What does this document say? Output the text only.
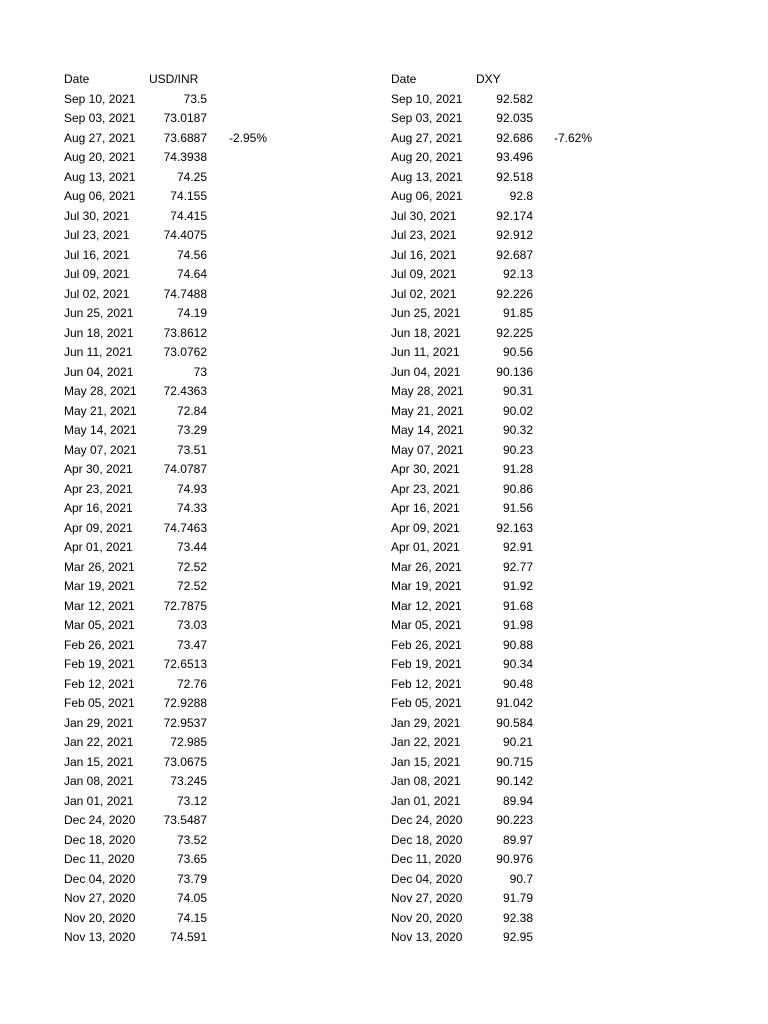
Date	USD/INR
Sep 10, 2021	73.5
Sep 03, 2021	73.0187
Aug 27, 2021	73.6887 -2.95%
Aug 20, 2021	74.3938
Aug 13, 2021	74.25
Aug 06, 2021	74.155
Jul 30, 2021	74.415
Jul 23, 2021	74.4075
Jul 16, 2021	74.56
Jul 09, 2021	74.64
Jul 02, 2021	74.7488
Jun 25, 2021	74.19
Jun 18, 2021	73.8612
Jun 11, 2021	73.0762
Jun 04, 2021	73
May 28, 2021	72.4363
May 21, 2021	72.84
May 14, 2021	73.29
May 07, 2021	73.51
Apr 30, 2021	74.0787
Apr 23, 2021	74.93
Apr 16, 2021	74.33
Apr 09, 2021	74.7463
Apr 01, 2021	73.44
Mar 26, 2021	72.52
Mar 19, 2021	72.52
Mar 12, 2021	72.7875
Mar 05, 2021	73.03
Feb 26, 2021	73.47
Feb 19, 2021	72.6513
Feb 12, 2021	72.76
Feb 05, 2021	72.9288
Jan 29, 2021	72.9537
Jan 22, 2021	72.985
Jan 15, 2021	73.0675
Jan 08, 2021	73.245
Jan 01, 2021	73.12
Dec 24, 2020	73.5487
Dec 18, 2020	73.52
Dec 11, 2020	73.65
Dec 04, 2020	73.79
Nov 27, 2020	74.05
Nov 20, 2020	74.15
Nov 13, 2020	74.591
Date	DXY
Sep 10, 2021	92.582
Sep 03, 2021	92.035
Aug 27, 2021	92.686 -7.62%
Aug 20, 2021	93.496
Aug 13, 2021	92.518
Aug 06, 2021	92.8
Jul 30, 2021	92.174
Jul 23, 2021	92.912
Jul 16, 2021	92.687
Jul 09, 2021	92.13
Jul 02, 2021	92.226
Jun 25, 2021	91.85
Jun 18, 2021	92.225
Jun 11, 2021	90.56
Jun 04, 2021	90.136
May 28, 2021	90.31
May 21, 2021	90.02
May 14, 2021	90.32
May 07, 2021	90.23
Apr 30, 2021	91.28
Apr 23, 2021	90.86
Apr 16, 2021	91.56
Apr 09, 2021	92.163
Apr 01, 2021	92.91
Mar 26, 2021	92.77
Mar 19, 2021	91.92
Mar 12, 2021	91.68
Mar 05, 2021	91.98
Feb 26, 2021	90.88
Feb 19, 2021	90.34
Feb 12, 2021	90.48
Feb 05, 2021	91.042
Jan 29, 2021	90.584
Jan 22, 2021	90.21
Jan 15, 2021	90.715
Jan 08, 2021	90.142
Jan 01, 2021	89.94
Dec 24, 2020	90.223
Dec 18, 2020	89.97
Dec 11, 2020	90.976
Dec 04, 2020	90.7
Nov 27, 2020	91.79
Nov 20, 2020	92.38
Nov 13, 2020	92.95
